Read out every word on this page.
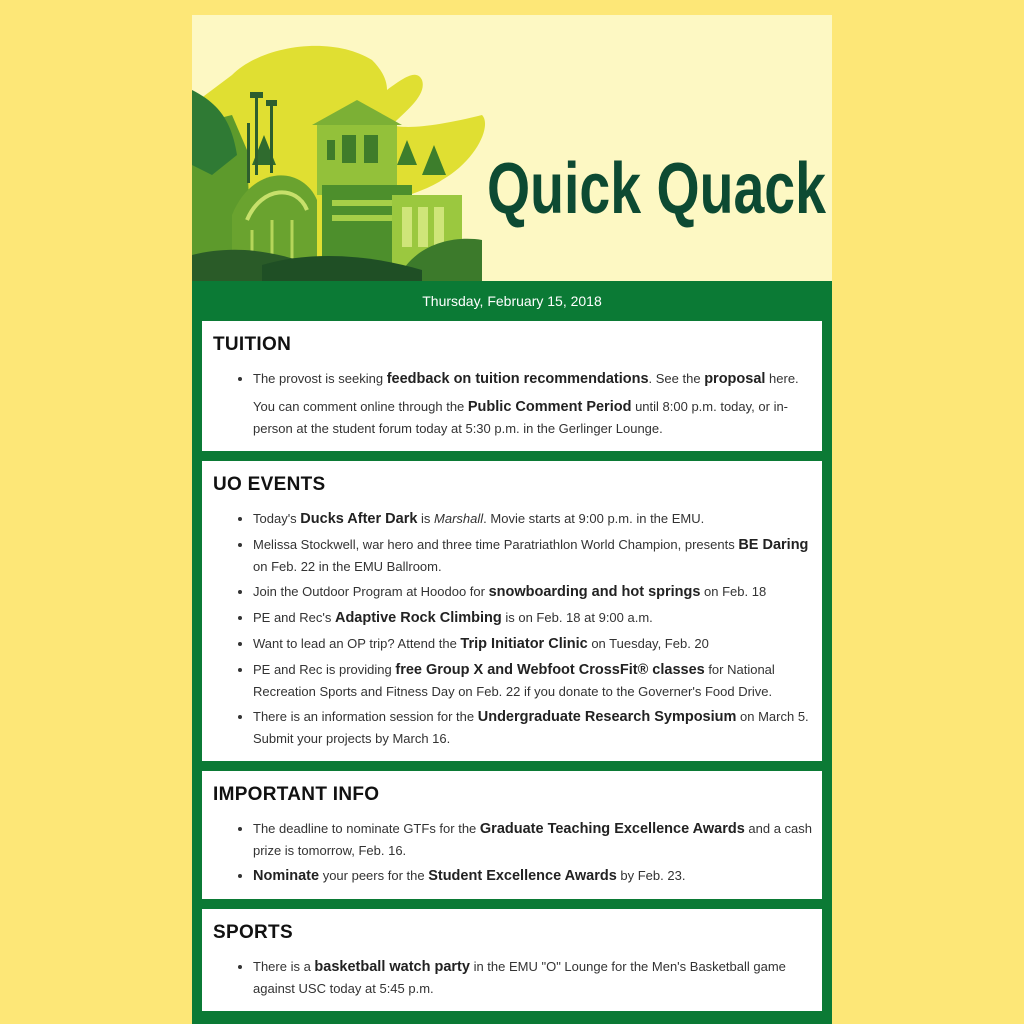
Quick Quack
Thursday, February 15, 2018
TUITION
• The provost is seeking feedback on tuition recommendations. See the proposal here.

You can comment online through the Public Comment Period until 8:00 p.m. today, or in-person at the student forum today at 5:30 p.m. in the Gerlinger Lounge.

UO EVENTS
• Today's Ducks After Dark is Marshall. Movie starts at 9:00 p.m. in the EMU.
• Melissa Stockwell, war hero and three time Paratriathlon World Champion, presents BE Daring on Feb. 22 in the EMU Ballroom.
• Join the Outdoor Program at Hoodoo for snowboarding and hot springs on Feb. 18
• PE and Rec's Adaptive Rock Climbing is on Feb. 18 at 9:00 a.m.
• Want to lead an OP trip? Attend the Trip Initiator Clinic on Tuesday, Feb. 20
• PE and Rec is providing free Group X and Webfoot CrossFit® classes for National Recreation Sports and Fitness Day on Feb. 22 if you donate to the Governer's Food Drive.
• There is an information session for the Undergraduate Research Symposium on March 5. Submit your projects by March 16.
IMPORTANT INFO
• The deadline to nominate GTFs for the Graduate Teaching Excellence Awards and a cash prize is tomorrow, Feb. 16.
• Nominate your peers for the Student Excellence Awards by Feb. 23.
SPORTS
• There is a basketball watch party in the EMU "O" Lounge for the Men's Basketball game against USC today at 5:45 p.m.
